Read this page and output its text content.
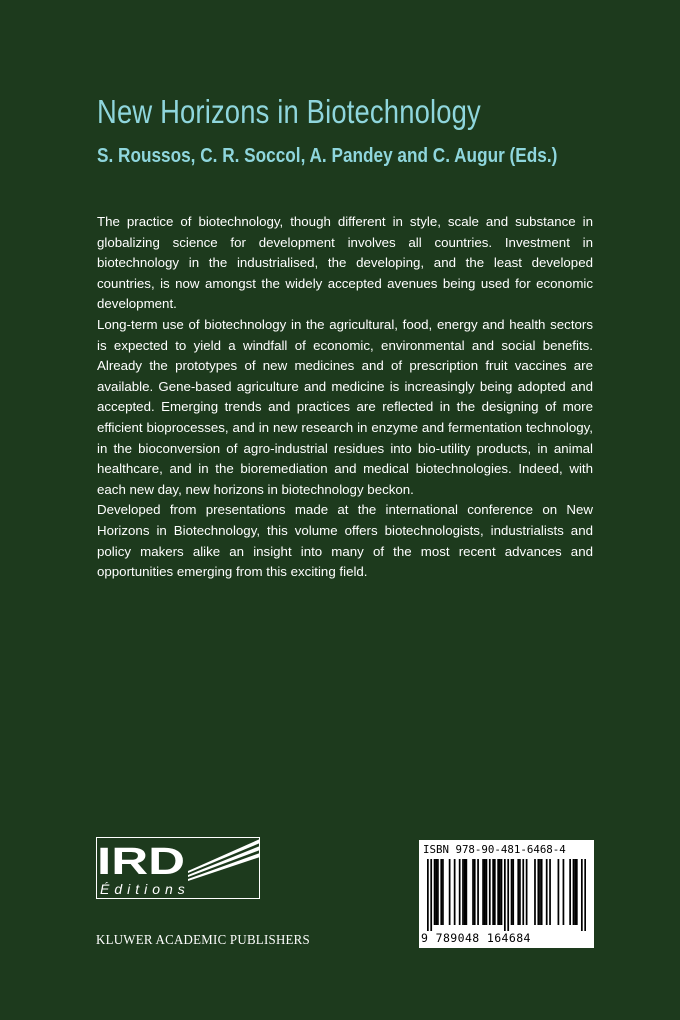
New Horizons in Biotechnology
S. Roussos, C. R. Soccol, A. Pandey and C. Augur (Eds.)

The practice of biotechnology, though different in style, scale and substance in globalizing science for development involves all countries. Investment in biotechnology in the industrialised, the developing, and the least developed countries, is now amongst the widely accepted avenues being used for economic development.

Long-term use of biotechnology in the agricultural, food, energy and health sectors is expected to yield a windfall of economic, environmental and social benefits. Already the prototypes of new medicines and of prescription fruit vaccines are available. Gene-based agriculture and medicine is increasingly being adopted and accepted. Emerging trends and practices are reflected in the designing of more efficient bioprocesses, and in new research in enzyme and fermentation technology, in the bioconversion of agro-industrial residues into bio-utility products, in animal healthcare, and in the bioremediation and medical biotechnologies. Indeed, with each new day, new horizons in biotechnology beckon.

Developed from presentations made at the international conference on New Horizons in Biotechnology, this volume offers biotechnologists, industrialists and policy makers alike an insight into many of the most recent advances and opportunities emerging from this exciting field.

IRD
Éditions
KLUWER ACADEMIC PUBLISHERS
ISBN 978-90-481-6468-4
9 789048 164684
